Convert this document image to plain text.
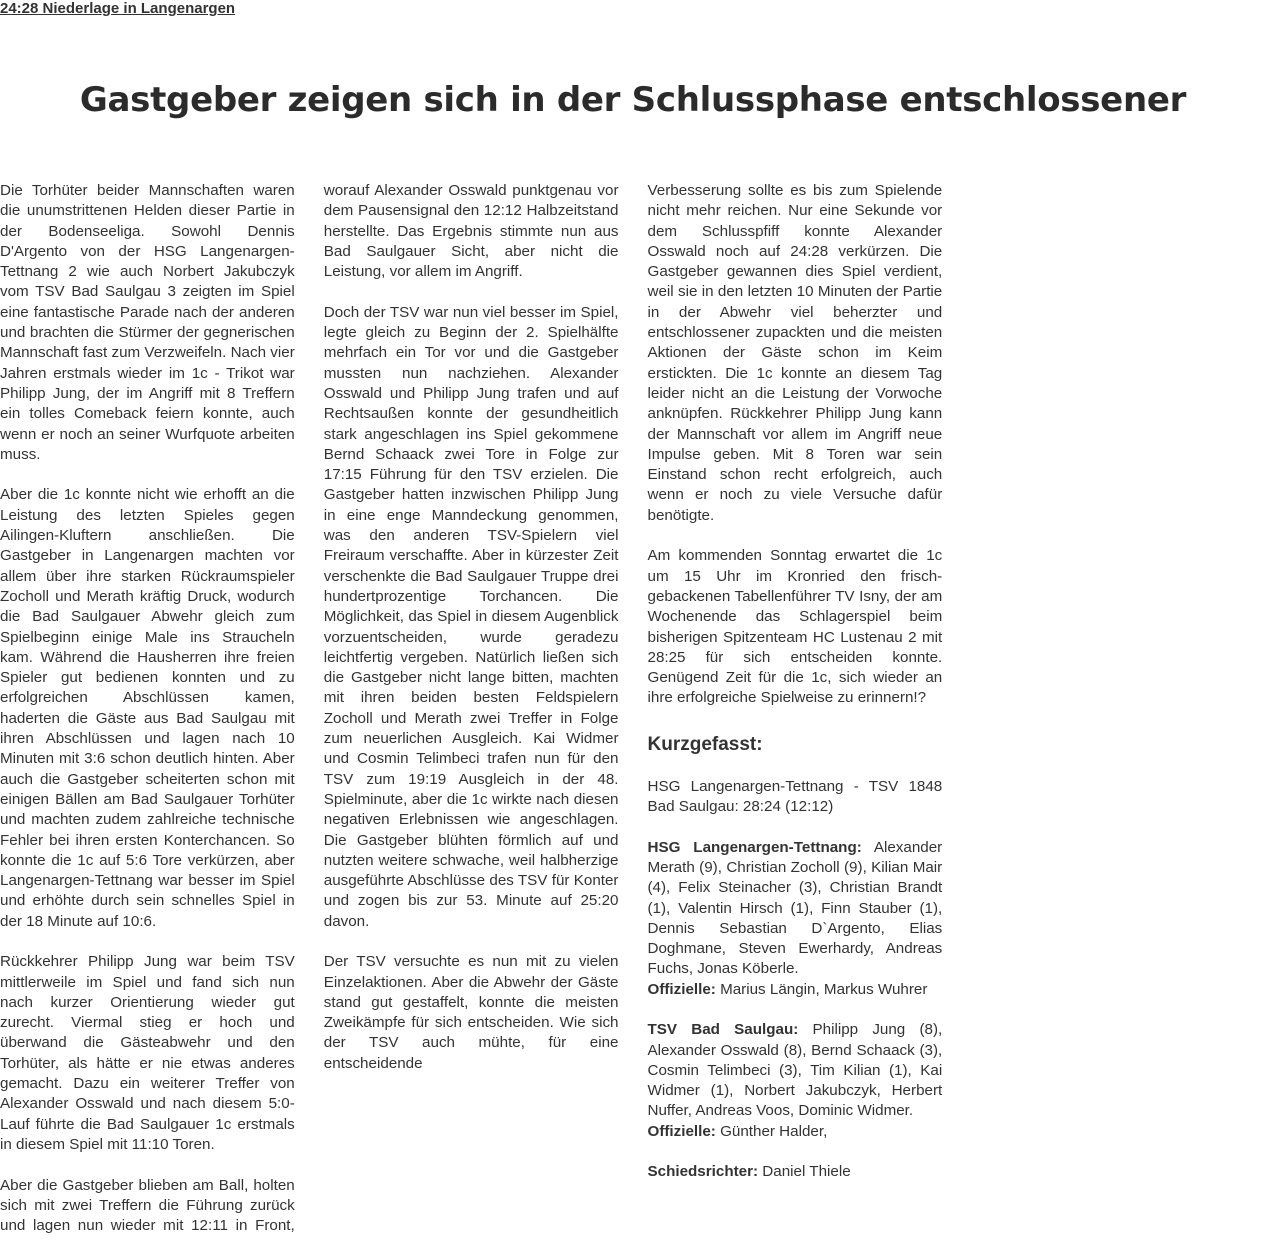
24:28 Niederlage in Langenargen
Gastgeber zeigen sich in der Schlussphase entschlossener

Die Torhüter beider Mannschaften waren die unumstrittenen Helden dieser Partie in der Bodenseeliga. Sowohl Dennis D'Argento von der HSG Langenargen-Tettnang 2 wie auch Norbert Jakubczyk vom TSV Bad Saulgau 3 zeigten im Spiel eine fantastische Parade nach der anderen und brachten die Stürmer der gegnerischen Mannschaft fast zum Verzweifeln. Nach vier Jahren erstmals wieder im 1c - Trikot war Philipp Jung, der im Angriff mit 8 Treffern ein tolles Comeback feiern konnte, auch wenn er noch an seiner Wurfquote arbeiten muss.

Aber die 1c konnte nicht wie erhofft an die Leistung des letzten Spieles gegen Ailingen-Kluftern anschließen. Die Gastgeber in Langenargen machten vor allem über ihre starken Rückraumspieler Zocholl und Merath kräftig Druck, wodurch die Bad Saulgauer Abwehr gleich zum Spielbeginn einige Male ins Straucheln kam. Während die Hausherren ihre freien Spieler gut bedienen konnten und zu erfolgreichen Abschlüssen kamen, haderten die Gäste aus Bad Saulgau mit ihren Abschlüssen und lagen nach 10 Minuten mit 3:6 schon deutlich hinten. Aber auch die Gastgeber scheiterten schon mit einigen Bällen am Bad Saulgauer Torhüter und machten zudem zahlreiche technische Fehler bei ihren ersten Konterchancen. So konnte die 1c auf 5:6 Tore verkürzen, aber Langenargen-Tettnang war besser im Spiel und erhöhte durch sein schnelles Spiel in der 18 Minute auf 10:6.

Rückkehrer Philipp Jung war beim TSV mittlerweile im Spiel und fand sich nun nach kurzer Orientierung wieder gut zurecht. Viermal stieg er hoch und überwand die Gästeabwehr und den Torhüter, als hätte er nie etwas anderes gemacht. Dazu ein weiterer Treffer von Alexander Osswald und nach diesem 5:0-Lauf führte die Bad Saulgauer 1c erstmals in diesem Spiel mit 11:10 Toren.

Aber die Gastgeber blieben am Ball, holten sich mit zwei Treffern die Führung zurück und lagen nun wieder mit 12:11 in Front, worauf Alexander Osswald punktgenau vor dem Pausensignal den 12:12 Halbzeitstand herstellte. Das Ergebnis stimmte nun aus Bad Saulgauer Sicht, aber nicht die Leistung, vor allem im Angriff.

Doch der TSV war nun viel besser im Spiel, legte gleich zu Beginn der 2. Spielhälfte mehrfach ein Tor vor und die Gastgeber mussten nun nachziehen. Alexander Osswald und Philipp Jung trafen und auf Rechtsaußen konnte der gesundheitlich stark angeschlagen ins Spiel gekommene Bernd Schaack zwei Tore in Folge zur 17:15 Führung für den TSV erzielen. Die Gastgeber hatten inzwischen Philipp Jung in eine enge Manndeckung genommen, was den anderen TSV-Spielern viel Freiraum verschaffte. Aber in kürzester Zeit verschenkte die Bad Saulgauer Truppe drei hundertprozentige Torchancen. Die Möglichkeit, das Spiel in diesem Augenblick vorzuentscheiden, wurde geradezu leichtfertig vergeben. Natürlich ließen sich die Gastgeber nicht lange bitten, machten mit ihren beiden besten Feldspielern Zocholl und Merath zwei Treffer in Folge zum neuerlichen Ausgleich. Kai Widmer und Cosmin Telimbeci trafen nun für den TSV zum 19:19 Ausgleich in der 48. Spielminute, aber die 1c wirkte nach diesen negativen Erlebnissen wie angeschlagen. Die Gastgeber blühten förmlich auf und nutzten weitere schwache, weil halbherzige ausgeführte Abschlüsse des TSV für Konter und zogen bis zur 53. Minute auf 25:20 davon.

Der TSV versuchte es nun mit zu vielen Einzelaktionen. Aber die Abwehr der Gäste stand gut gestaffelt, konnte die meisten Zweikämpfe für sich entscheiden. Wie sich der TSV auch mühte, für eine entscheidende

Verbesserung sollte es bis zum Spielende nicht mehr reichen. Nur eine Sekunde vor dem Schlusspfiff konnte Alexander Osswald noch auf 24:28 verkürzen. Die Gastgeber gewannen dies Spiel verdient, weil sie in den letzten 10 Minuten der Partie in der Abwehr viel beherzter und entschlossener zupackten und die meisten Aktionen der Gäste schon im Keim erstickten. Die 1c konnte an diesem Tag leider nicht an die Leistung der Vorwoche anknüpfen. Rückkehrer Philipp Jung kann der Mannschaft vor allem im Angriff neue Impulse geben. Mit 8 Toren war sein Einstand schon recht erfolgreich, auch wenn er noch zu viele Versuche dafür benötigte.

Am kommenden Sonntag erwartet die 1c um 15 Uhr im Kronried den frisch-gebackenen Tabellenführer TV Isny, der am Wochenende das Schlagerspiel beim bisherigen Spitzenteam HC Lustenau 2 mit 28:25 für sich entscheiden konnte. Genügend Zeit für die 1c, sich wieder an ihre erfolgreiche Spielweise zu erinnern!?

Kurzgefasst:

HSG Langenargen-Tettnang - TSV 1848 Bad Saulgau: 28:24 (12:12)

HSG Langenargen-Tettnang: Alexander Merath (9), Christian Zocholl (9), Kilian Mair (4), Felix Steinacher (3), Christian Brandt (1), Valentin Hirsch (1), Finn Stauber (1), Dennis Sebastian D`Argento, Elias Doghmane, Steven Ewerhardy, Andreas Fuchs, Jonas Köberle.
Offizielle: Marius Längin, Markus Wuhrer

TSV Bad Saulgau: Philipp Jung (8), Alexander Osswald (8), Bernd Schaack (3), Cosmin Telimbeci (3), Tim Kilian (1), Kai Widmer (1), Norbert Jakubczyk, Herbert Nuffer, Andreas Voos, Dominic Widmer.
Offizielle: Günther Halder,

Schiedsrichter: Daniel Thiele
